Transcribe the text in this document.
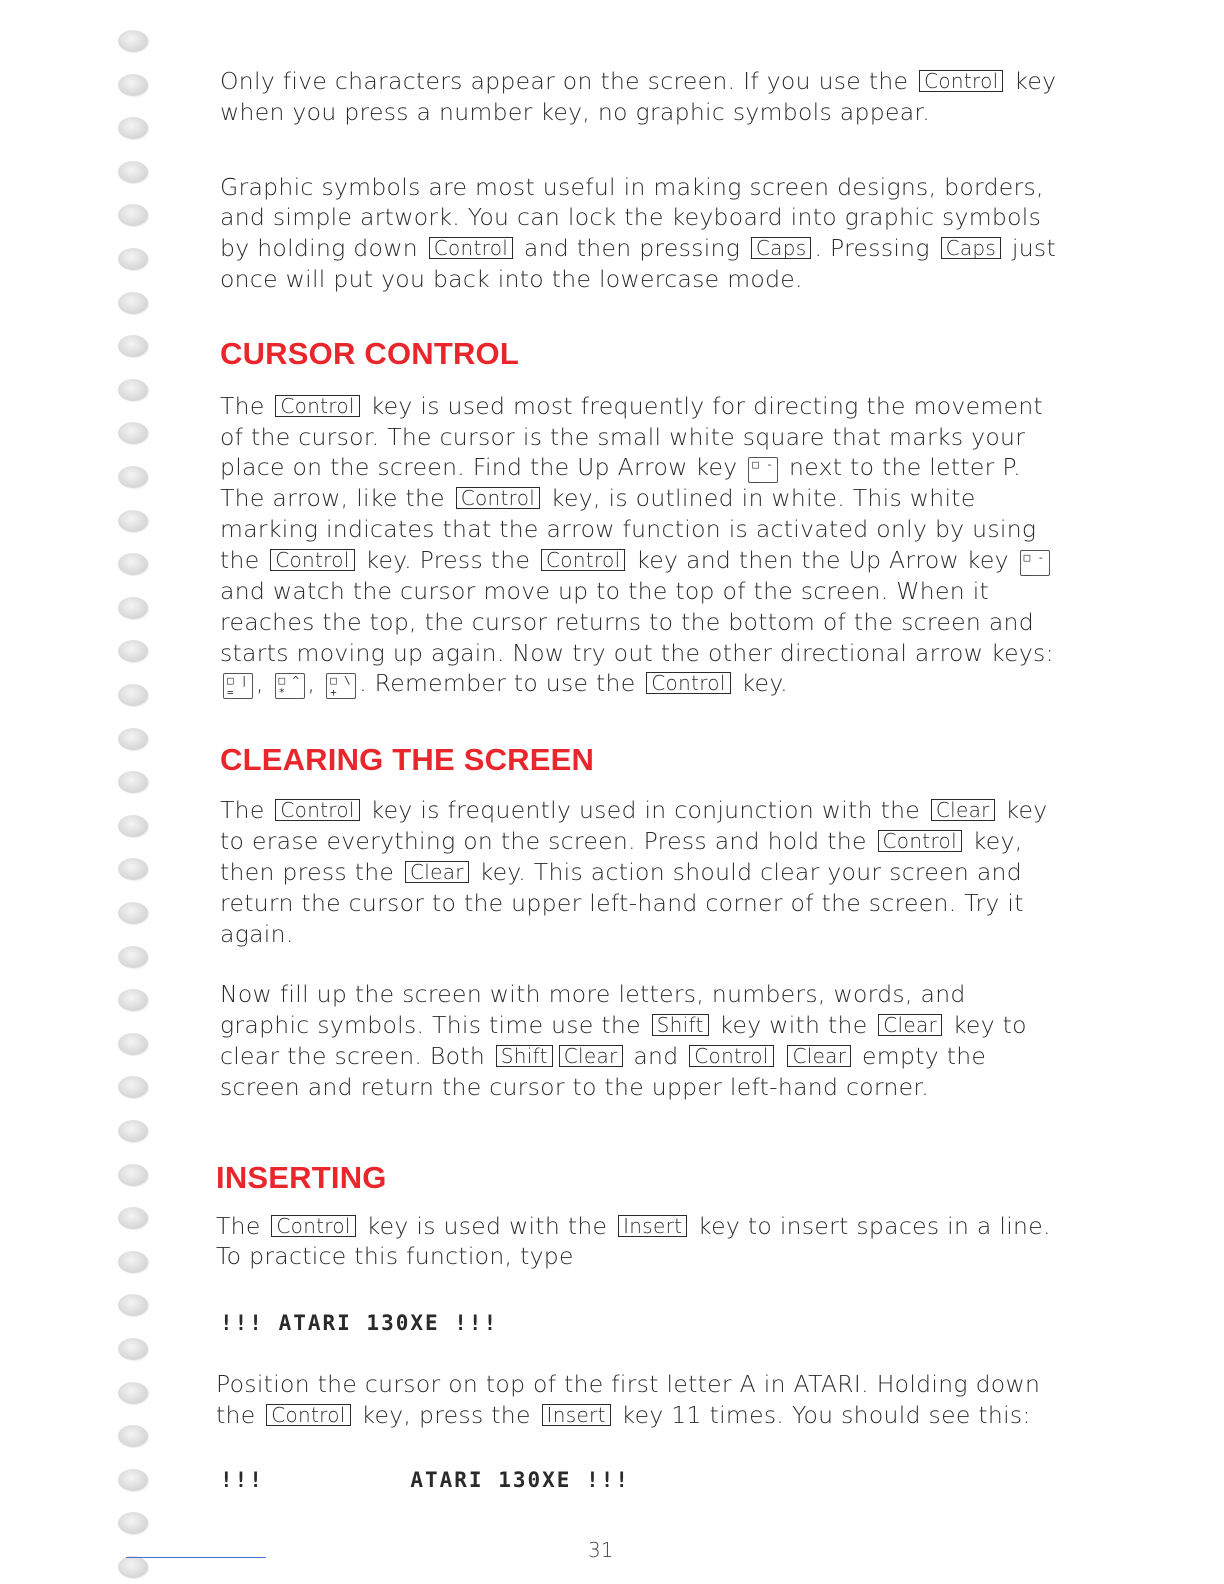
Only five characters appear on the screen. If you use the Control key when you press a number key, no graphic symbols appear.

Graphic symbols are most useful in making screen designs, borders, and simple artwork. You can lock the keyboard into graphic symbols by holding down Control and then pressing Caps . Pressing Caps just once will put you back into the lowercase mode.

CURSOR CONTROL

The Control key is used most frequently for directing the movement of the cursor. The cursor is the small white square that marks your place on the screen. Find the Up Arrow key □ -
_ next to the letter P. The arrow, like the Control key, is outlined in white. This white marking indicates that the arrow function is activated only by using the Control key. Press the Control key and then the Up Arrow key □ -
_and watch the cursor move up to the top of the screen. When it reaches the top, the cursor returns to the bottom of the screen and starts moving up again. Now try out the other directional arrow keys: □ |
= , □ ^
* , □ \
+ . Remember to use the Control key.

CLEARING THE SCREEN

The Control key is frequently used in conjunction with the Clear key to erase everything on the screen. Press and hold the Control key, then press the Clear key. This action should clear your screen and return the cursor to the upper left-hand corner of the screen. Try it again.

Now fill up the screen with more letters, numbers, words, and graphic symbols. This time use the Shift key with the Clear key to clear the screen. Both Shift Clear and Control Clear empty the screen and return the cursor to the upper left-hand corner.

INSERTING

The Control key is used with the Insert key to insert spaces in a line. To practice this function, type

!!! ATARI 130XE !!!

Position the cursor on top of the first letter A in ATARI. Holding down the Control key, press the Insert key 11 times. You should see this:

!!!          ATARI 130XE !!!

31
